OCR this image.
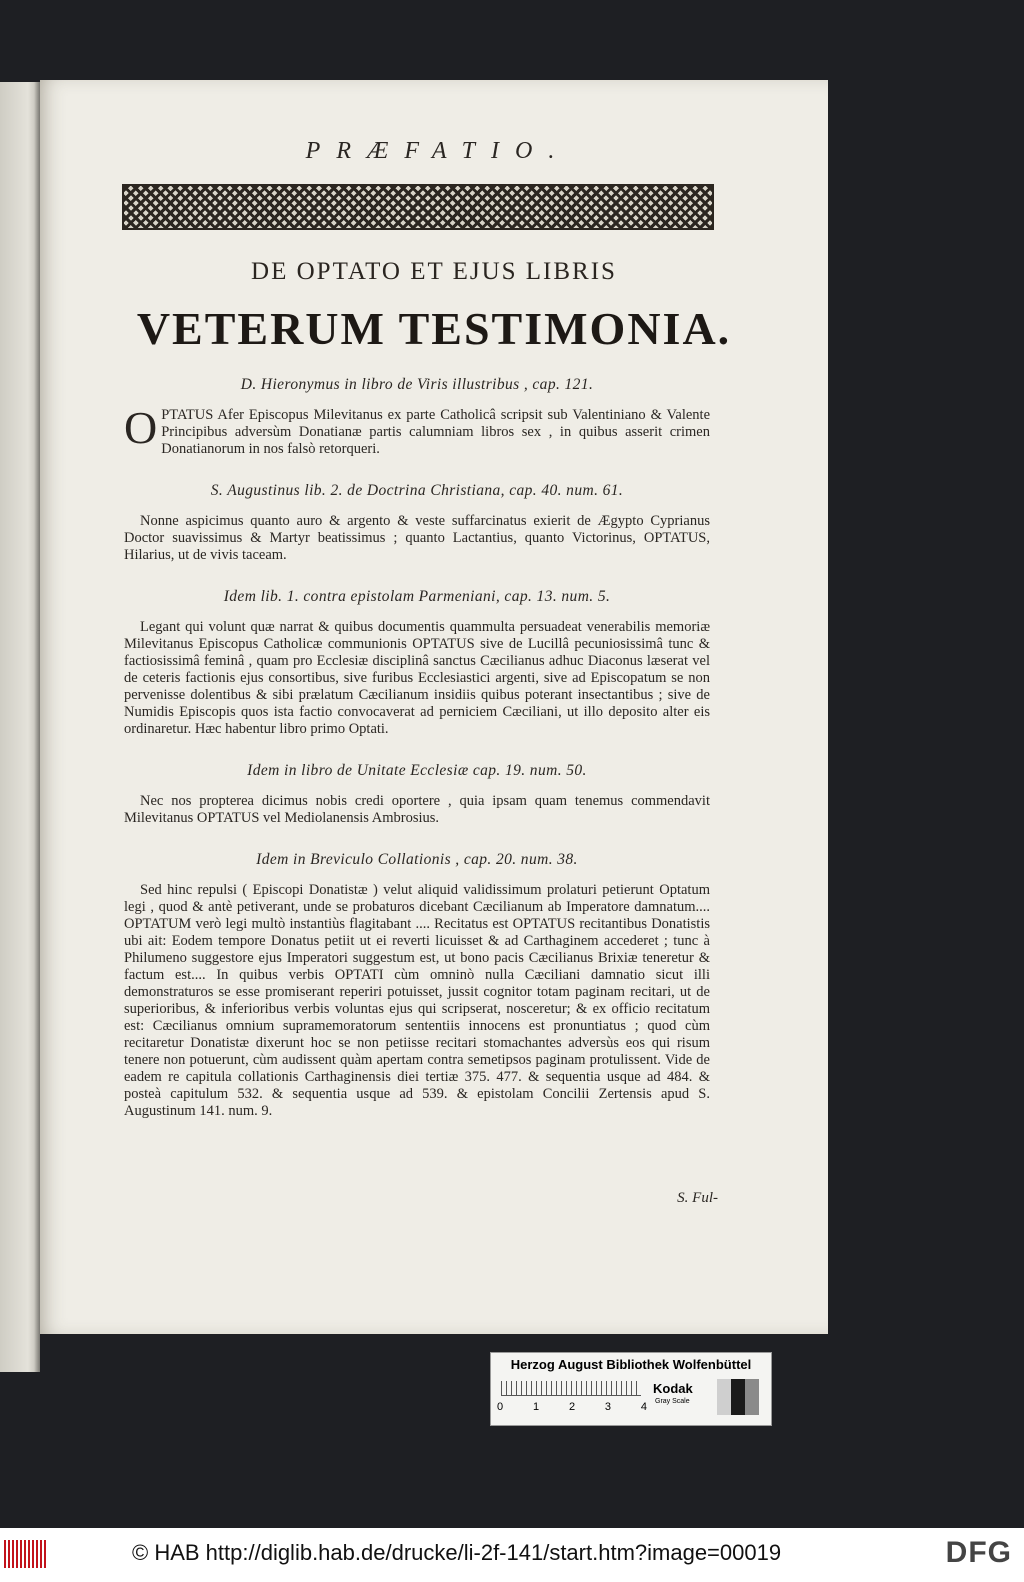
PRÆFATIO.
DE OPTATO ET EJUS LIBRIS
VETERUM TESTIMONIA.
D. Hieronymus in libro de Viris illustribus , cap. 121.
OPTATUS Afer Episcopus Milevitanus ex parte Catholicâ scripsit sub Valentiniano & Valente Principibus adversùm Donatianæ partis calumniam libros sex , in quibus asserit crimen Donatianorum in nos falsò retorqueri.
S. Augustinus lib. 2. de Doctrina Christiana, cap. 40. num. 61.
Nonne aspicimus quanto auro & argento & veste suffarcinatus exierit de Ægypto Cyprianus Doctor suavissimus & Martyr beatissimus ; quanto Lactantius, quanto Victorinus, OPTATUS, Hilarius, ut de vivis taceam.
Idem lib. 1. contra epistolam Parmeniani, cap. 13. num. 5.
Legant qui volunt quæ narrat & quibus documentis quammulta persuadeat venerabilis memoriæ Milevitanus Episcopus Catholicæ communionis OPTATUS sive de Lucillâ pecuniosissimâ tunc & factiosissimâ feminâ , quam pro Ecclesiæ disciplinâ sanctus Cæcilianus adhuc Diaconus læserat vel de ceteris factionis ejus consortibus, sive furibus Ecclesiastici argenti, sive ad Episcopatum se non pervenisse dolentibus & sibi prælatum Cæcilianum insidiis quibus poterant insectantibus ; sive de Numidis Episcopis quos ista factio convocaverat ad perniciem Cæciliani, ut illo deposito alter eis ordinaretur. Hæc habentur libro primo Optati.
Idem in libro de Unitate Ecclesiæ cap. 19. num. 50.
Nec nos propterea dicimus nobis credi oportere , quia ipsam quam tenemus commendavit Milevitanus OPTATUS vel Mediolanensis Ambrosius.
Idem in Breviculo Collationis , cap. 20. num. 38.
Sed hinc repulsi ( Episcopi Donatistæ ) velut aliquid validissimum prolaturi petierunt Optatum legi , quod & antè petiverant, unde se probaturos dicebant Cæcilianum ab Imperatore damnatum.... OPTATUM verò legi multò instantiùs flagitabant .... Recitatus est OPTATUS recitantibus Donatistis ubi ait: Eodem tempore Donatus petiit ut ei reverti licuisset & ad Carthaginem accederet ; tunc à Philumeno suggestore ejus Imperatori suggestum est, ut bono pacis Cæcilianus Brixiæ teneretur & factum est.... In quibus verbis OPTATI cùm omninò nulla Cæciliani damnatio sicut illi demonstraturos se esse promiserant reperiri potuisset, jussit cognitor totam paginam recitari, ut de superioribus, & inferioribus verbis voluntas ejus qui scripserat, nosceretur; & ex officio recitatum est: Cæcilianus omnium supramemoratorum sententiis innocens est pronuntiatus ; quod cùm recitaretur Donatistæ dixerunt hoc se non petiisse recitari stomachantes adversùs eos qui risum tenere non potuerunt, cùm audissent quàm apertam contra semetipsos paginam protulissent. Vide de eadem re capitula collationis Carthaginensis diei tertiæ 375. 477. & sequentia usque ad 484. & posteà capitulum 532. & sequentia usque ad 539. & epistolam Concilii Zertensis apud S. Augustinum 141. num. 9.
S. Ful-
Herzog August Bibliothek Wolfenbüttel
0	1	2	3	4
Kodak
Gray Scale
© HAB http://diglib.hab.de/drucke/li-2f-141/start.htm?image=00019	DFG
